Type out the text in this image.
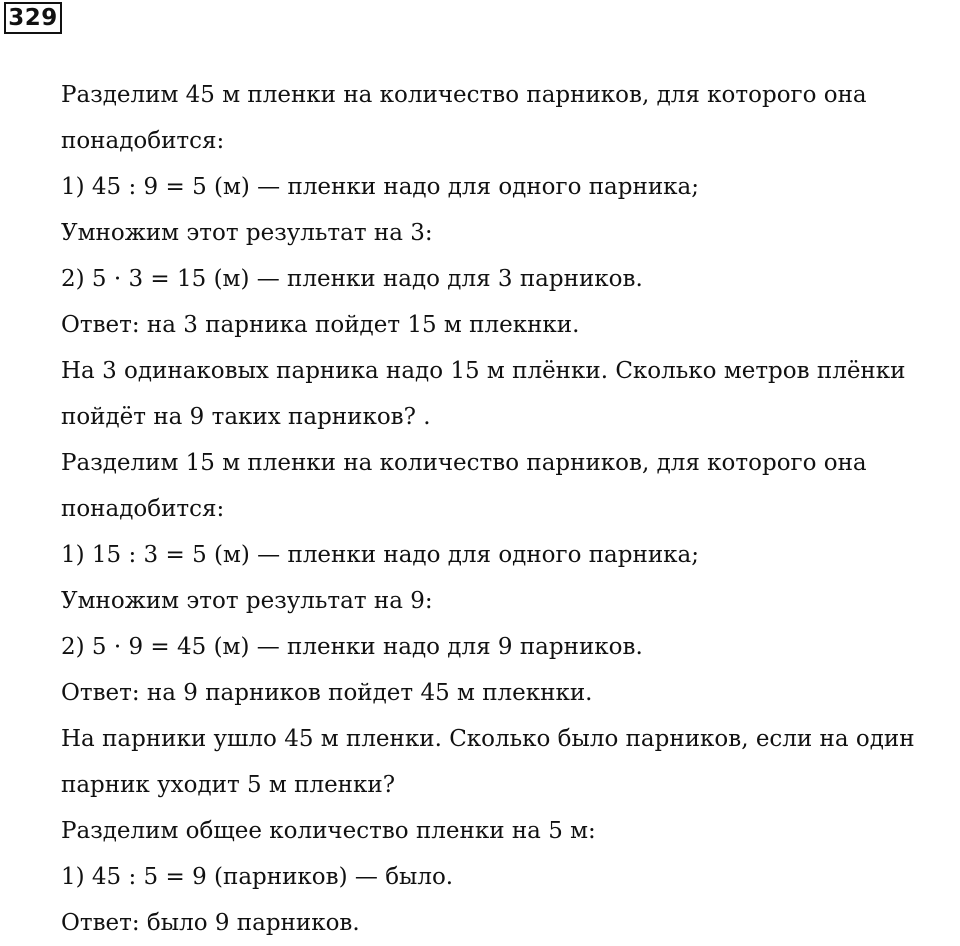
329
Разделим 45 м пленки на количество парников, для которого она
понадобится:
1) 45 : 9 = 5 (м) — пленки надо для одного парника;
Умножим этот результат на 3:
2) 5 · 3 = 15 (м) — пленки надо для 3 парников.
Ответ: на 3 парника пойдет 15 м плекнки.
На 3 одинаковых парника надо 15 м плёнки. Сколько метров плёнки
пойдёт на 9 таких парников? .
Разделим 15 м пленки на количество парников, для которого она
понадобится:
1) 15 : 3 = 5 (м) — пленки надо для одного парника;
Умножим этот результат на 9:
2) 5 · 9 = 45 (м) — пленки надо для 9 парников.
Ответ: на 9 парников пойдет 45 м плекнки.
На парники ушло 45 м пленки. Сколько было парников, если на один
парник уходит 5 м пленки?
Разделим общее количество пленки на 5 м:
1) 45 : 5 = 9 (парников) — было.
Ответ: было 9 парников.
